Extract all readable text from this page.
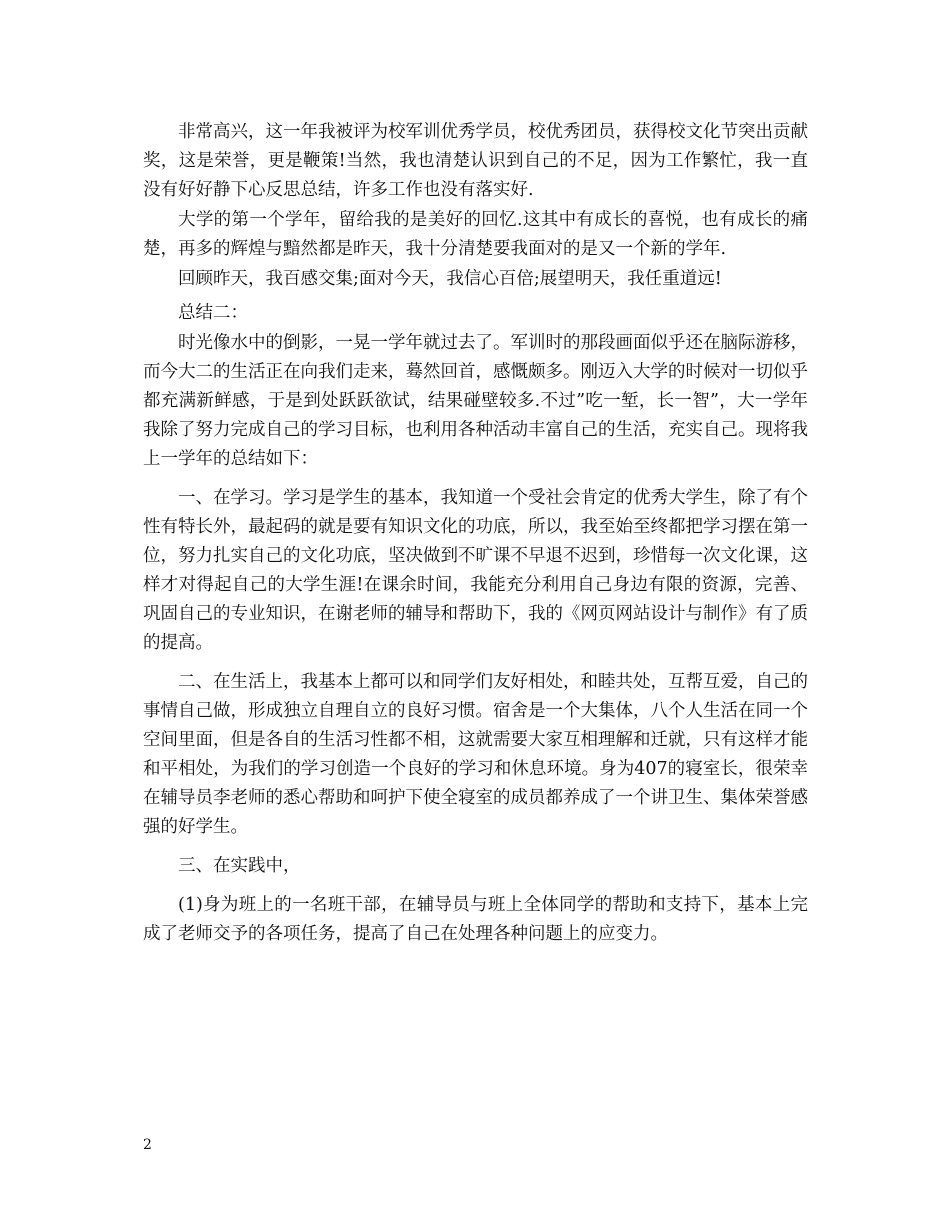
非常高兴，这一年我被评为校军训优秀学员，校优秀团员，获得校文化节突出贡献奖，这是荣誉，更是鞭策!当然，我也清楚认识到自己的不足，因为工作繁忙，我一直没有好好静下心反思总结，许多工作也没有落实好.

大学的第一个学年，留给我的是美好的回忆.这其中有成长的喜悦，也有成长的痛楚，再多的辉煌与黯然都是昨天，我十分清楚要我面对的是又一个新的学年.

回顾昨天，我百感交集;面对今天，我信心百倍;展望明天，我任重道远!

总结二：

时光像水中的倒影，一晃一学年就过去了。军训时的那段画面似乎还在脑际游移，而今大二的生活正在向我们走来，蓦然回首，感慨颇多。刚迈入大学的时候对一切似乎都充满新鲜感，于是到处跃跃欲试，结果碰壁较多.不过”吃一堑，长一智”，大一学年我除了努力完成自己的学习目标，也利用各种活动丰富自己的生活，充实自己。现将我上一学年的总结如下：

一、在学习。学习是学生的基本，我知道一个受社会肯定的优秀大学生，除了有个性有特长外，最起码的就是要有知识文化的功底，所以，我至始至终都把学习摆在第一位，努力扎实自己的文化功底，坚决做到不旷课不早退不迟到，珍惜每一次文化课，这样才对得起自己的大学生涯!在课余时间，我能充分利用自己身边有限的资源，完善、巩固自己的专业知识，在谢老师的辅导和帮助下，我的《网页网站设计与制作》有了质的提高。

二、在生活上，我基本上都可以和同学们友好相处，和睦共处，互帮互爱，自己的事情自己做，形成独立自理自立的良好习惯。宿舍是一个大集体，八个人生活在同一个空间里面，但是各自的生活习性都不相，这就需要大家互相理解和迁就，只有这样才能和平相处，为我们的学习创造一个良好的学习和休息环境。身为407的寝室长，很荣幸在辅导员李老师的悉心帮助和呵护下使全寝室的成员都养成了一个讲卫生、集体荣誉感强的好学生。

三、在实践中，

(1)身为班上的一名班干部，在辅导员与班上全体同学的帮助和支持下，基本上完成了老师交予的各项任务，提高了自己在处理各种问题上的应变力。

2
